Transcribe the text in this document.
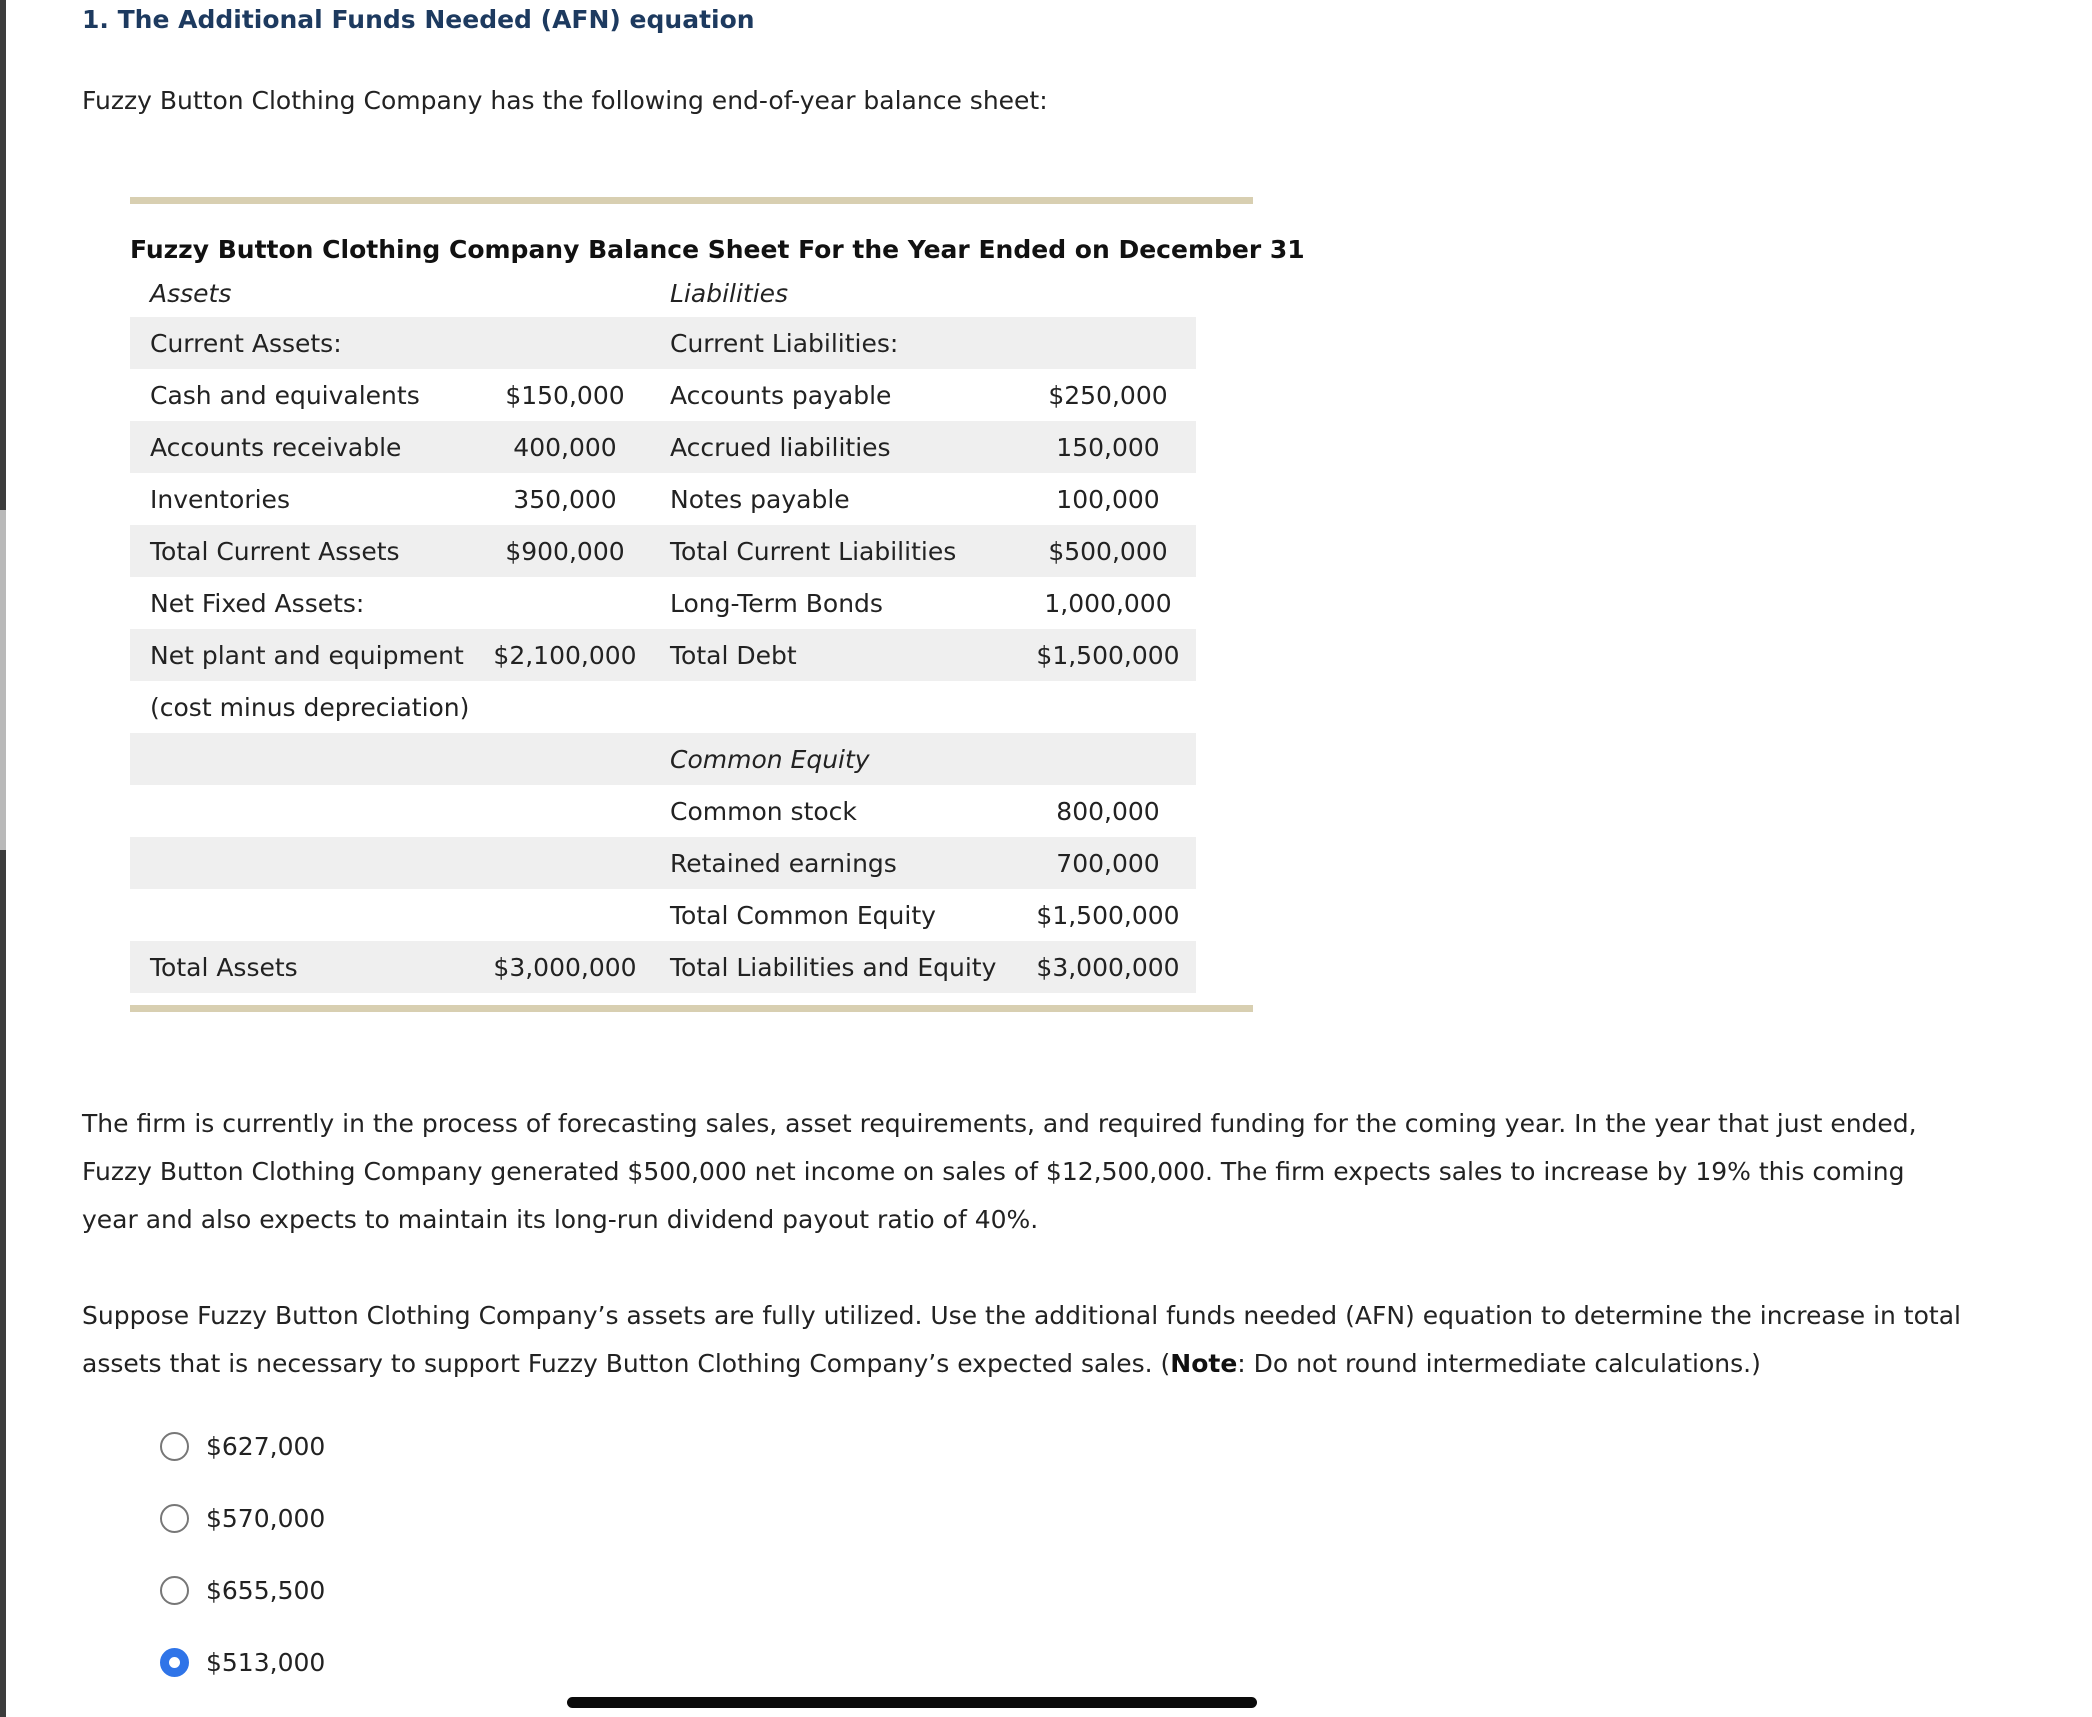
1. The Additional Funds Needed (AFN) equation

Fuzzy Button Clothing Company has the following end-of-year balance sheet:

Fuzzy Button Clothing Company Balance Sheet For the Year Ended on December 31
Assets		Liabilities	
Current Assets:		Current Liabilities:	
Cash and equivalents	$150,000	Accounts payable	$250,000
Accounts receivable	400,000	Accrued liabilities	150,000
Inventories	350,000	Notes payable	100,000
Total Current Assets	$900,000	Total Current Liabilities	$500,000
Net Fixed Assets:		Long-Term Bonds	1,000,000
Net plant and equipment	$2,100,000	Total Debt	$1,500,000
(cost minus depreciation)			
		Common Equity	
		Common stock	800,000
		Retained earnings	700,000
		Total Common Equity	$1,500,000
Total Assets	$3,000,000	Total Liabilities and Equity	$3,000,000

The firm is currently in the process of forecasting sales, asset requirements, and required funding for the coming year. In the year that just ended, Fuzzy Button Clothing Company generated $500,000 net income on sales of $12,500,000. The firm expects sales to increase by 19% this coming year and also expects to maintain its long-run dividend payout ratio of 40%.

Suppose Fuzzy Button Clothing Company’s assets are fully utilized. Use the additional funds needed (AFN) equation to determine the increase in total assets that is necessary to support Fuzzy Button Clothing Company’s expected sales. (Note: Do not round intermediate calculations.)

$627,000
$570,000
$655,500
$513,000
